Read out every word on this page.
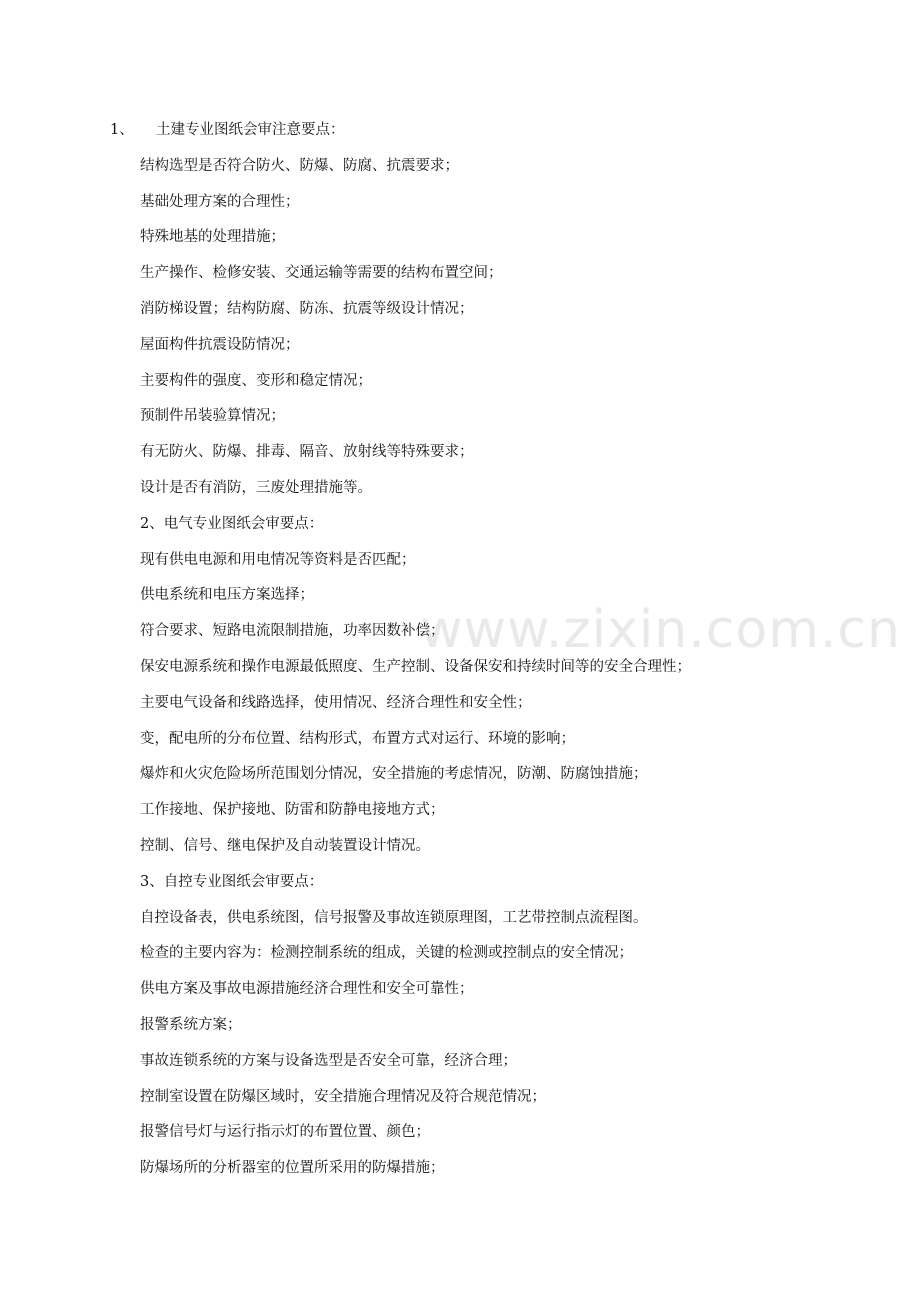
www.zixin.com.cn

1、 土建专业图纸会审注意要点：

结构选型是否符合防火、防爆、防腐、抗震要求；

基础处理方案的合理性；

特殊地基的处理措施；

生产操作、检修安装、交通运输等需要的结构布置空间；

消防梯设置；结构防腐、防冻、抗震等级设计情况；

屋面构件抗震设防情况；

主要构件的强度、变形和稳定情况；

预制件吊装验算情况；

有无防火、防爆、排毒、隔音、放射线等特殊要求；

设计是否有消防，三废处理措施等。

2、电气专业图纸会审要点：

现有供电电源和用电情况等资料是否匹配；

供电系统和电压方案选择；

符合要求、短路电流限制措施，功率因数补偿；

保安电源系统和操作电源最低照度、生产控制、设备保安和持续时间等的安全合理性；

主要电气设备和线路选择，使用情况、经济合理性和安全性；

变，配电所的分布位置、结构形式，布置方式对运行、环境的影响；

爆炸和火灾危险场所范围划分情况，安全措施的考虑情况，防潮、防腐蚀措施；

工作接地、保护接地、防雷和防静电接地方式；

控制、信号、继电保护及自动装置设计情况。

3、自控专业图纸会审要点：

自控设备表，供电系统图，信号报警及事故连锁原理图，工艺带控制点流程图。

检查的主要内容为：检测控制系统的组成，关键的检测或控制点的安全情况；

供电方案及事故电源措施经济合理性和安全可靠性；

报警系统方案；

事故连锁系统的方案与设备选型是否安全可靠，经济合理；

控制室设置在防爆区域时，安全措施合理情况及符合规范情况；

报警信号灯与运行指示灯的布置位置、颜色；

防爆场所的分析器室的位置所采用的防爆措施；
